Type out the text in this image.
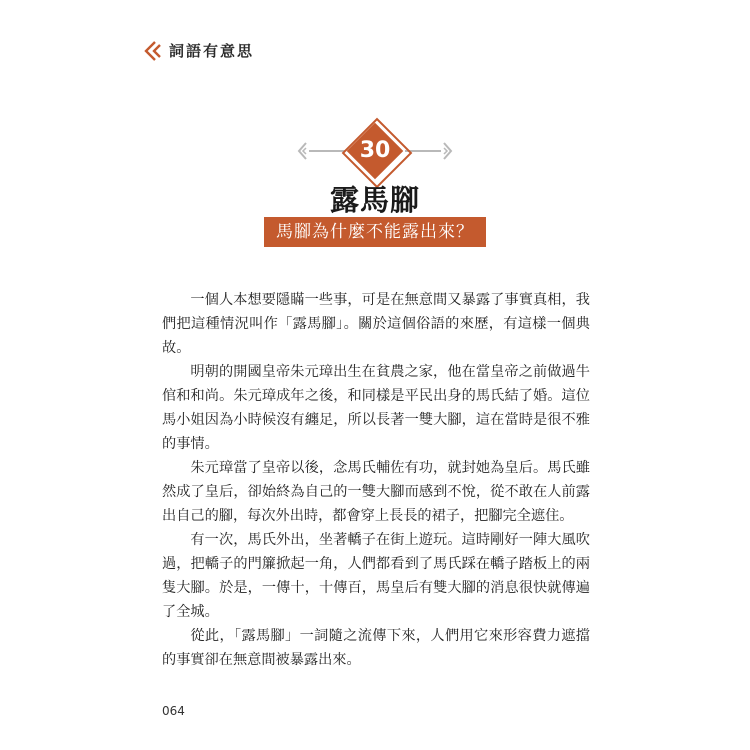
詞語有意思
30
露馬腳
馬腳為什麼不能露出來？

一個人本想要隱瞞一些事，可是在無意間又暴露了事實真相，我們把這種情況叫作「露馬腳」。關於這個俗語的來歷，有這樣一個典故。

明朝的開國皇帝朱元璋出生在貧農之家，他在當皇帝之前做過牛倌和和尚。朱元璋成年之後，和同樣是平民出身的馬氏結了婚。這位馬小姐因為小時候沒有纏足，所以長著一雙大腳，這在當時是很不雅的事情。

朱元璋當了皇帝以後，念馬氏輔佐有功，就封她為皇后。馬氏雖然成了皇后，卻始終為自己的一雙大腳而感到不悅，從不敢在人前露出自己的腳，每次外出時，都會穿上長長的裙子，把腳完全遮住。

有一次，馬氏外出，坐著轎子在街上遊玩。這時剛好一陣大風吹過，把轎子的門簾掀起一角，人們都看到了馬氏踩在轎子踏板上的兩隻大腳。於是，一傳十，十傳百，馬皇后有雙大腳的消息很快就傳遍了全城。

從此，「露馬腳」一詞隨之流傳下來，人們用它來形容費力遮擋的事實卻在無意間被暴露出來。

064
